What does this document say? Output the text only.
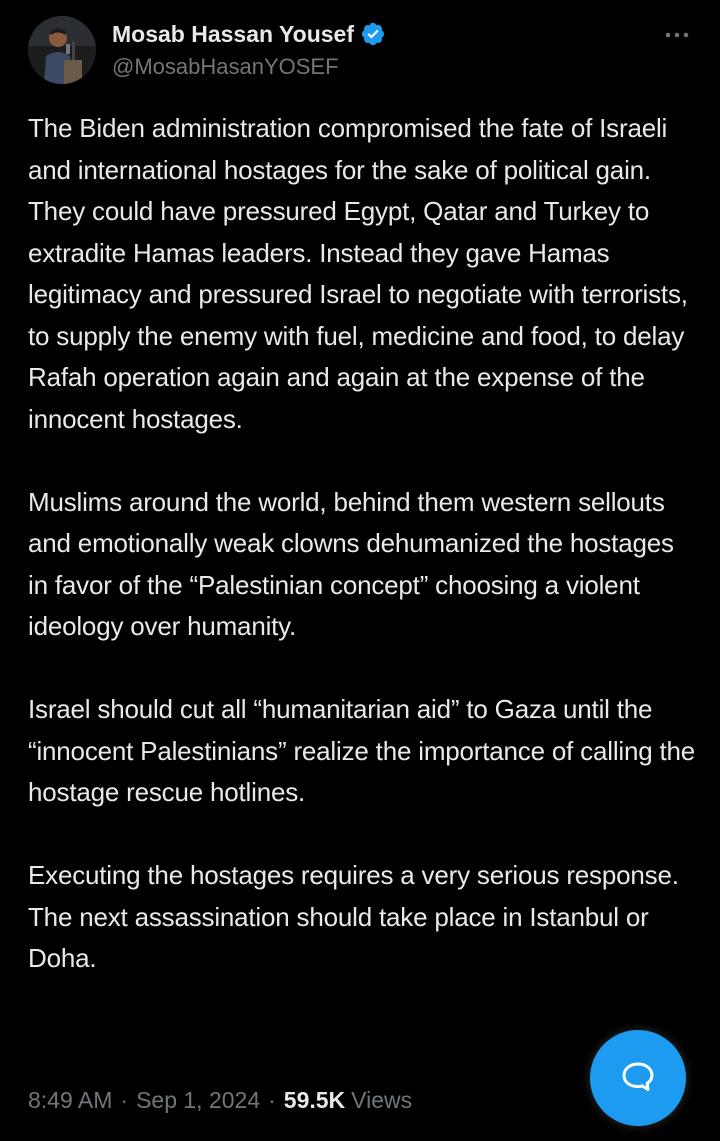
Mosab Hassan Yousef
@MosabHasanYOSEF

The Biden administration compromised the fate of Israeli and international hostages for the sake of political gain. They could have pressured Egypt, Qatar and Turkey to extradite Hamas leaders. Instead they gave Hamas legitimacy and pressured Israel to negotiate with terrorists, to supply the enemy with fuel, medicine and food, to delay Rafah operation again and again at the expense of the innocent hostages.

Muslims around the world, behind them western sellouts and emotionally weak clowns dehumanized the hostages in favor of the “Palestinian concept” choosing a violent ideology over humanity.

Israel should cut all “humanitarian aid” to Gaza until the “innocent Palestinians” realize the importance of calling the hostage rescue hotlines.

Executing the hostages requires a very serious response. The next assassination should take place in Istanbul or Doha.

8:49 AM · Sep 1, 2024 · 59.5K Views
